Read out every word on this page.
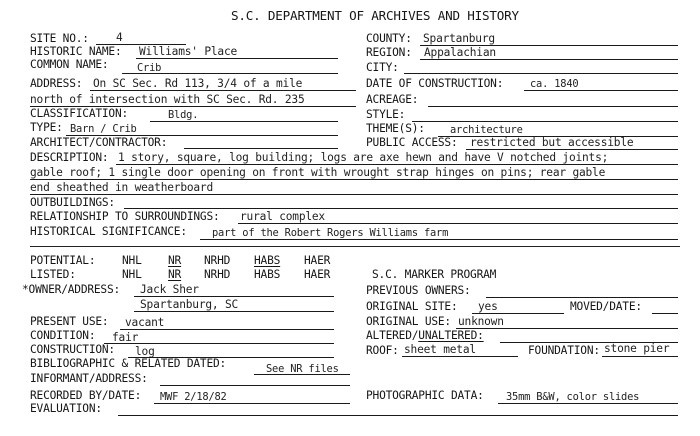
S.C. DEPARTMENT OF ARCHIVES AND HISTORY
SITE NO.: 4
HISTORIC NAME: Williams' Place
COMMON NAME:	Crib
ADDRESS: On SC Sec. Rd 113, 3/4 of a mile
north of intersection with SC Sec. Rd. 235
CLASSIFICATION:	Bldg.
TYPE: Barn / Crib
ARCHITECT/CONTRACTOR:
COUNTY: Spartanburg
REGION: Appalachian
CITY:
DATE OF CONSTRUCTION:	ca. 1840
ACREAGE:
STYLE:
THEME(S): architecture
PUBLIC ACCESS: restricted but accessible
DESCRIPTION: 1 story, square, log building; logs are axe hewn and have V notched joints;
gable roof; 1 single door opening on front with wrought strap hinges on pins; rear gable
end sheathed in weatherboard
OUTBUILDINGS:
RELATIONSHIP TO SURROUNDINGS: rural complex
HISTORICAL SIGNIFICANCE: part of the Robert Rogers Williams farm
POTENTIAL: NHL NR NRHD HABS HAER
LISTED:	NHL NR NRHD HABS HAER
*OWNER/ADDRESS: Jack Sher
Spartanburg, SC
PRESENT USE: vacant
CONDITION: fair
CONSTRUCTION: log
BIBLIOGRAPHIC & RELATED DATED:	See NR files
INFORMANT/ADDRESS:
RECORDED BY/DATE: MWF 2/18/82
EVALUATION:
S.C. MARKER PROGRAM
PREVIOUS OWNERS:
ORIGINAL SITE: yes	MOVED/DATE:
ORIGINAL USE: unknown
ALTERED/UNALTERED:
ROOF: sheet metal	FOUNDATION: stone pier
PHOTOGRAPHIC DATA: 35mm B&W, color slides
